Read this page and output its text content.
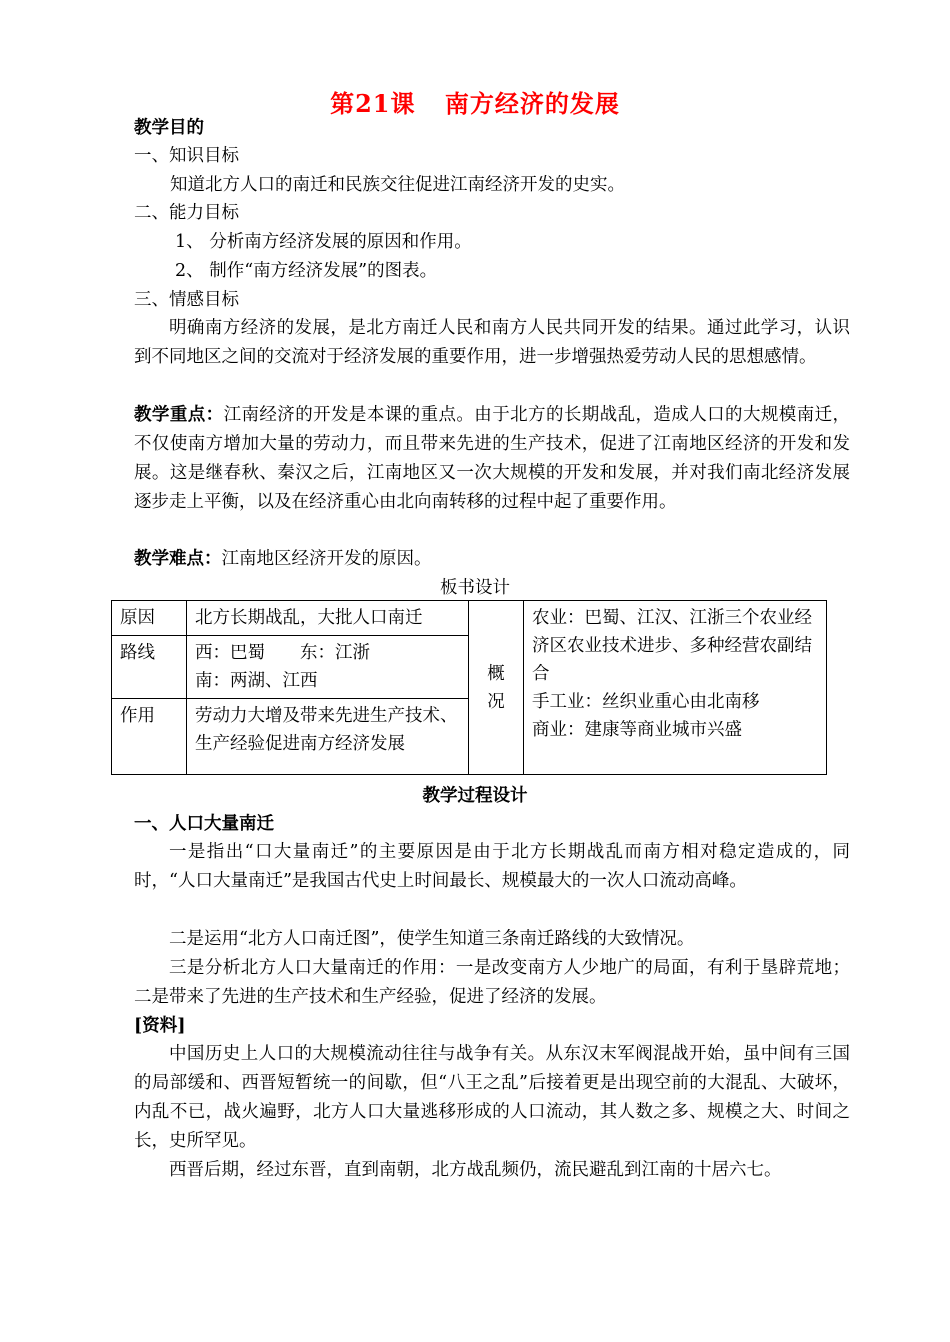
第21课 南方经济的发展
教学目的
一、知识目标
知道北方人口的南迁和民族交往促进江南经济开发的史实。
二、能力目标
1、 分析南方经济发展的原因和作用。
2、 制作“南方经济发展”的图表。
三、情感目标
明确南方经济的发展，是北方南迁人民和南方人民共同开发的结果。通过此学习，认识到不同地区之间的交流对于经济发展的重要作用，进一步增强热爱劳动人民的思想感情。
教学重点：江南经济的开发是本课的重点。由于北方的长期战乱，造成人口的大规模南迁，不仅使南方增加大量的劳动力，而且带来先进的生产技术，促进了江南地区经济的开发和发展。这是继春秋、秦汉之后，江南地区又一次大规模的开发和发展，并对我们南北经济发展逐步走上平衡，以及在经济重心由北向南转移的过程中起了重要作用。
教学难点：江南地区经济开发的原因。
板书设计
原因	北方长期战乱，大批人口南迁	概况	农业：巴蜀、江汉、江浙三个农业经济区农业技术进步、多种经营农副结合
手工业：丝织业重心由北南移
商业：建康等商业城市兴盛

路线	西：巴蜀　　东：江浙
南：两湖、江西		

作用	劳动力大增及带来先进生产技术、生产经验促进南方经济发展		
教学过程设计
一、人口大量南迁
一是指出“口大量南迁”的主要原因是由于北方长期战乱而南方相对稳定造成的，同时，“人口大量南迁”是我国古代史上时间最长、规模最大的一次人口流动高峰。
二是运用“北方人口南迁图”，使学生知道三条南迁路线的大致情况。
三是分析北方人口大量南迁的作用：一是改变南方人少地广的局面，有利于垦辟荒地；二是带来了先进的生产技术和生产经验，促进了经济的发展。
[资料]
中国历史上人口的大规模流动往往与战争有关。从东汉末军阀混战开始，虽中间有三国的局部缓和、西晋短暂统一的间歇，但“八王之乱”后接着更是出现空前的大混乱、大破坏，内乱不已，战火遍野，北方人口大量逃移形成的人口流动，其人数之多、规模之大、时间之长，史所罕见。
西晋后期，经过东晋，直到南朝，北方战乱频仍，流民避乱到江南的十居六七。
